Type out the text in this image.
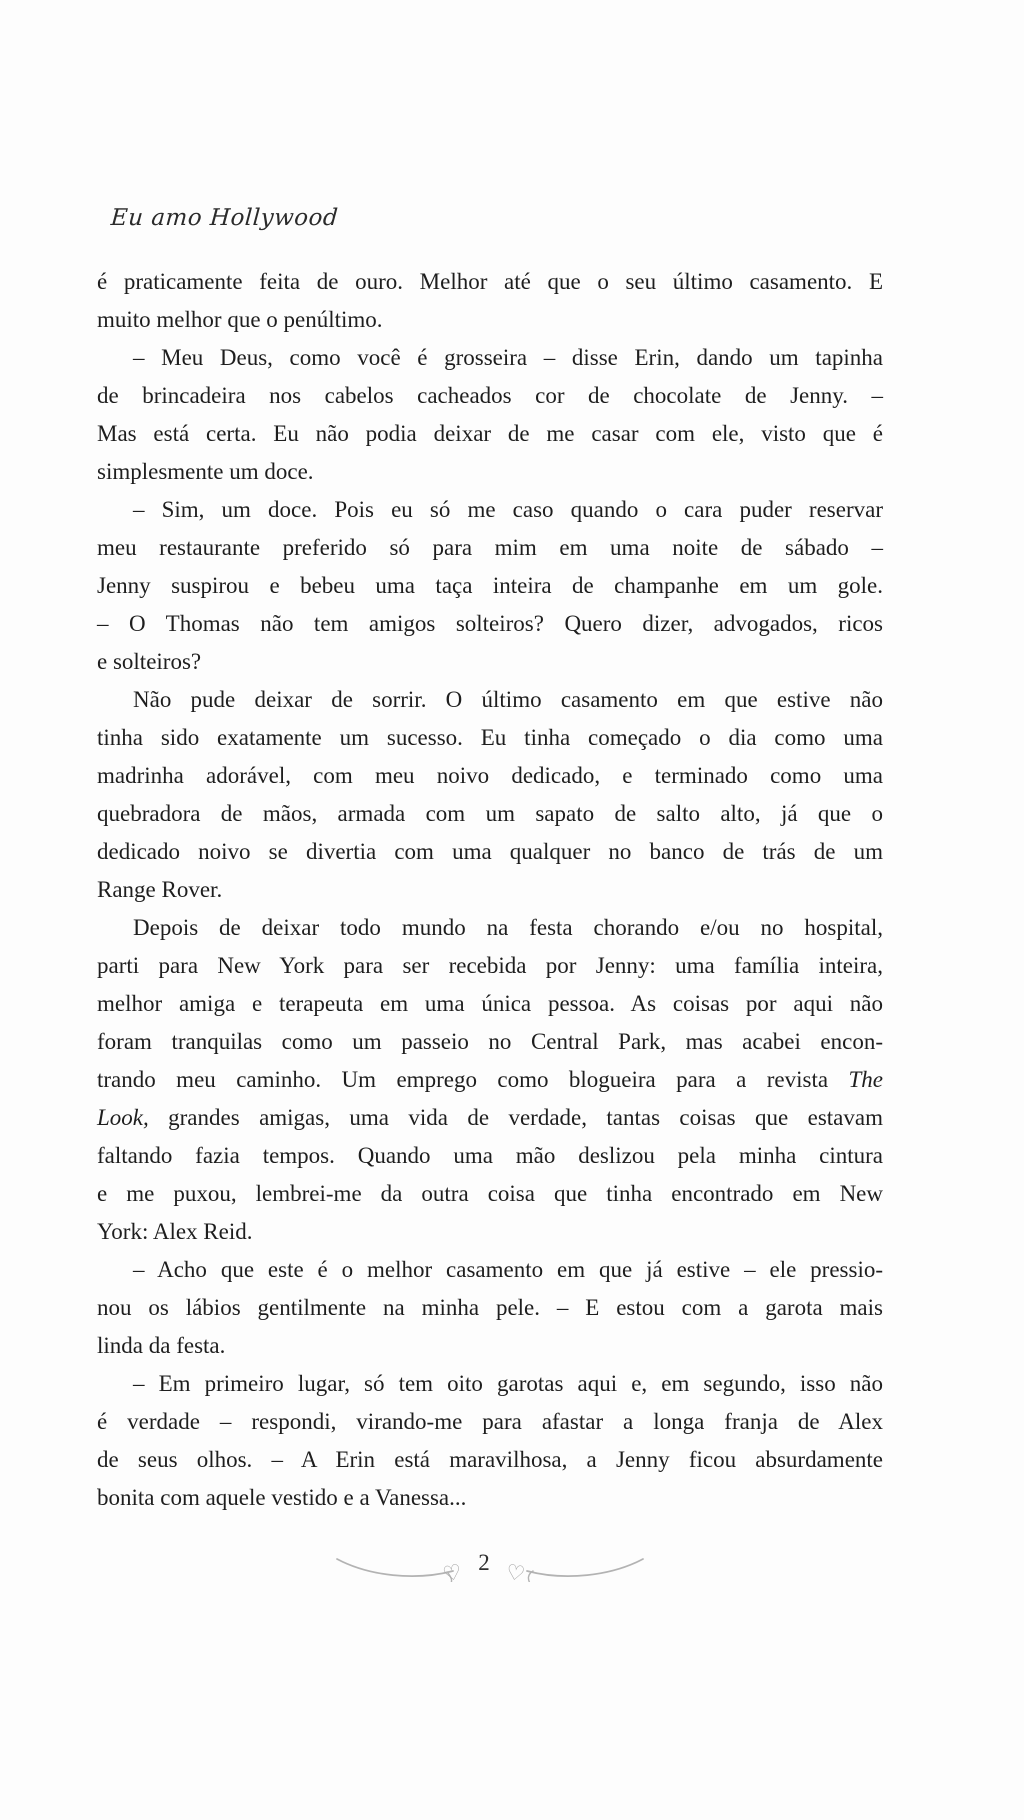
Eu amo Hollywood
é praticamente feita de ouro. Melhor até que o seu último casamento. E
muito melhor que o penúltimo.
– Meu Deus, como você é grosseira – disse Erin, dando um tapinha
de brincadeira nos cabelos cacheados cor de chocolate de Jenny. –
Mas está certa. Eu não podia deixar de me casar com ele, visto que é
simplesmente um doce.
– Sim, um doce. Pois eu só me caso quando o cara puder reservar
meu restaurante preferido só para mim em uma noite de sábado –
Jenny suspirou e bebeu uma taça inteira de champanhe em um gole.
– O Thomas não tem amigos solteiros? Quero dizer, advogados, ricos
e solteiros?
Não pude deixar de sorrir. O último casamento em que estive não
tinha sido exatamente um sucesso. Eu tinha começado o dia como uma
madrinha adorável, com meu noivo dedicado, e terminado como uma
quebradora de mãos, armada com um sapato de salto alto, já que o
dedicado noivo se divertia com uma qualquer no banco de trás de um
Range Rover.
Depois de deixar todo mundo na festa chorando e/ou no hospital,
parti para New York para ser recebida por Jenny: uma família inteira,
melhor amiga e terapeuta em uma única pessoa. As coisas por aqui não
foram tranquilas como um passeio no Central Park, mas acabei encon-
trando meu caminho. Um emprego como blogueira para a revista The
Look, grandes amigas, uma vida de verdade, tantas coisas que estavam
faltando fazia tempos. Quando uma mão deslizou pela minha cintura
e me puxou, lembrei-me da outra coisa que tinha encontrado em New
York: Alex Reid.
– Acho que este é o melhor casamento em que já estive – ele pressio-
nou os lábios gentilmente na minha pele. – E estou com a garota mais
linda da festa.
– Em primeiro lugar, só tem oito garotas aqui e, em segundo, isso não
é verdade – respondi, virando-me para afastar a longa franja de Alex
de seus olhos. – A Erin está maravilhosa, a Jenny ficou absurdamente
bonita com aquele vestido e a Vanessa...
♡ 2 ♡
